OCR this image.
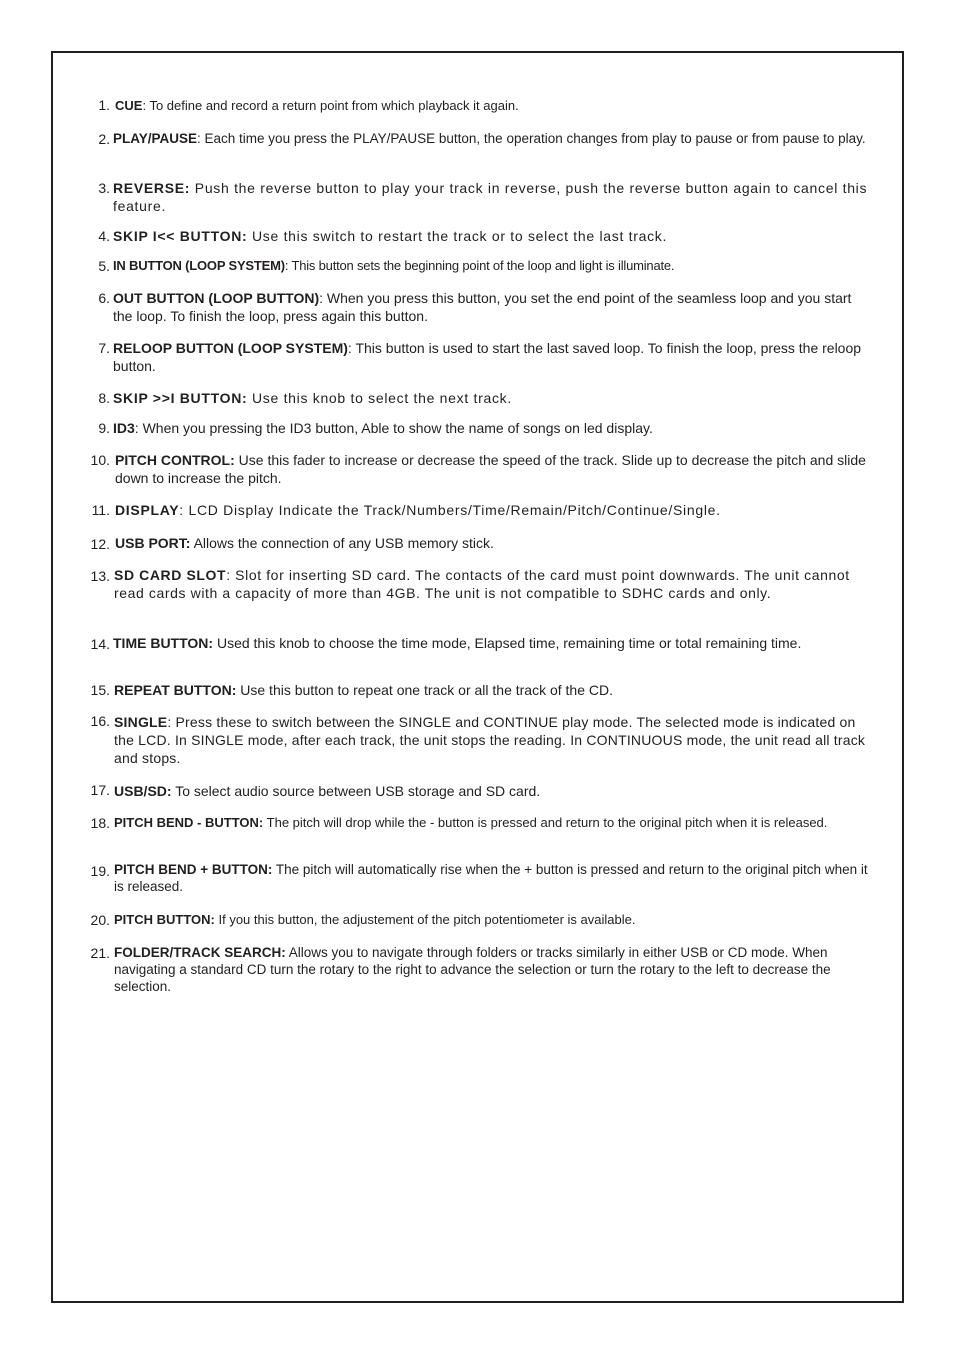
1. CUE: To define and record a return point from which playback it again.
2. PLAY/PAUSE: Each time you press the PLAY/PAUSE button, the operation changes from play to pause or from pause to play.
3. REVERSE: Push the reverse button to play your track in reverse, push the reverse button again to cancel this feature.
4. SKIP I<< BUTTON: Use this switch to restart the track or to select the last track.
5. IN BUTTON (LOOP SYSTEM): This button sets the beginning point of the loop and light is illuminate.
6. OUT BUTTON (LOOP BUTTON): When you press this button, you set the end point of the seamless loop and you start the loop. To finish the loop, press again this button.
7. RELOOP BUTTON (LOOP SYSTEM): This button is used to start the last saved loop. To finish the loop, press the reloop button.
8. SKIP >>I BUTTON: Use this knob to select the next track.
9. ID3: When you pressing the ID3 button, Able to show the name of songs on led display.
10. PITCH CONTROL: Use this fader to increase or decrease the speed of the track. Slide up to decrease the pitch and slide down to increase the pitch.
11. DISPLAY: LCD Display Indicate the Track/Numbers/Time/Remain/Pitch/Continue/Single.
12. USB PORT: Allows the connection of any USB memory stick.
13. SD CARD SLOT: Slot for inserting SD card. The contacts of the card must point downwards. The unit cannot read cards with a capacity of more than 4GB. The unit is not compatible to SDHC cards and only.
14. TIME BUTTON: Used this knob to choose the time mode, Elapsed time, remaining time or total remaining time.
15. REPEAT BUTTON: Use this button to repeat one track or all the track of the CD.
16. SINGLE: Press these to switch between the SINGLE and CONTINUE play mode. The selected mode is indicated on the LCD. In SINGLE mode, after each track, the unit stops the reading. In CONTINUOUS mode, the unit read all track and stops.
17. USB/SD: To select audio source between USB storage and SD card.
18. PITCH BEND - BUTTON: The pitch will drop while the - button is pressed and return to the original pitch when it is released.
19. PITCH BEND + BUTTON: The pitch will automatically rise when the + button is pressed and return to the original pitch when it is released.
20. PITCH BUTTON: If you this button, the adjustement of the pitch potentiometer is available.
21. FOLDER/TRACK SEARCH: Allows you to navigate through folders or tracks similarly in either USB or CD mode. When navigating a standard CD turn the rotary to the right to advance the selection or turn the rotary to the left to decrease the selection.
